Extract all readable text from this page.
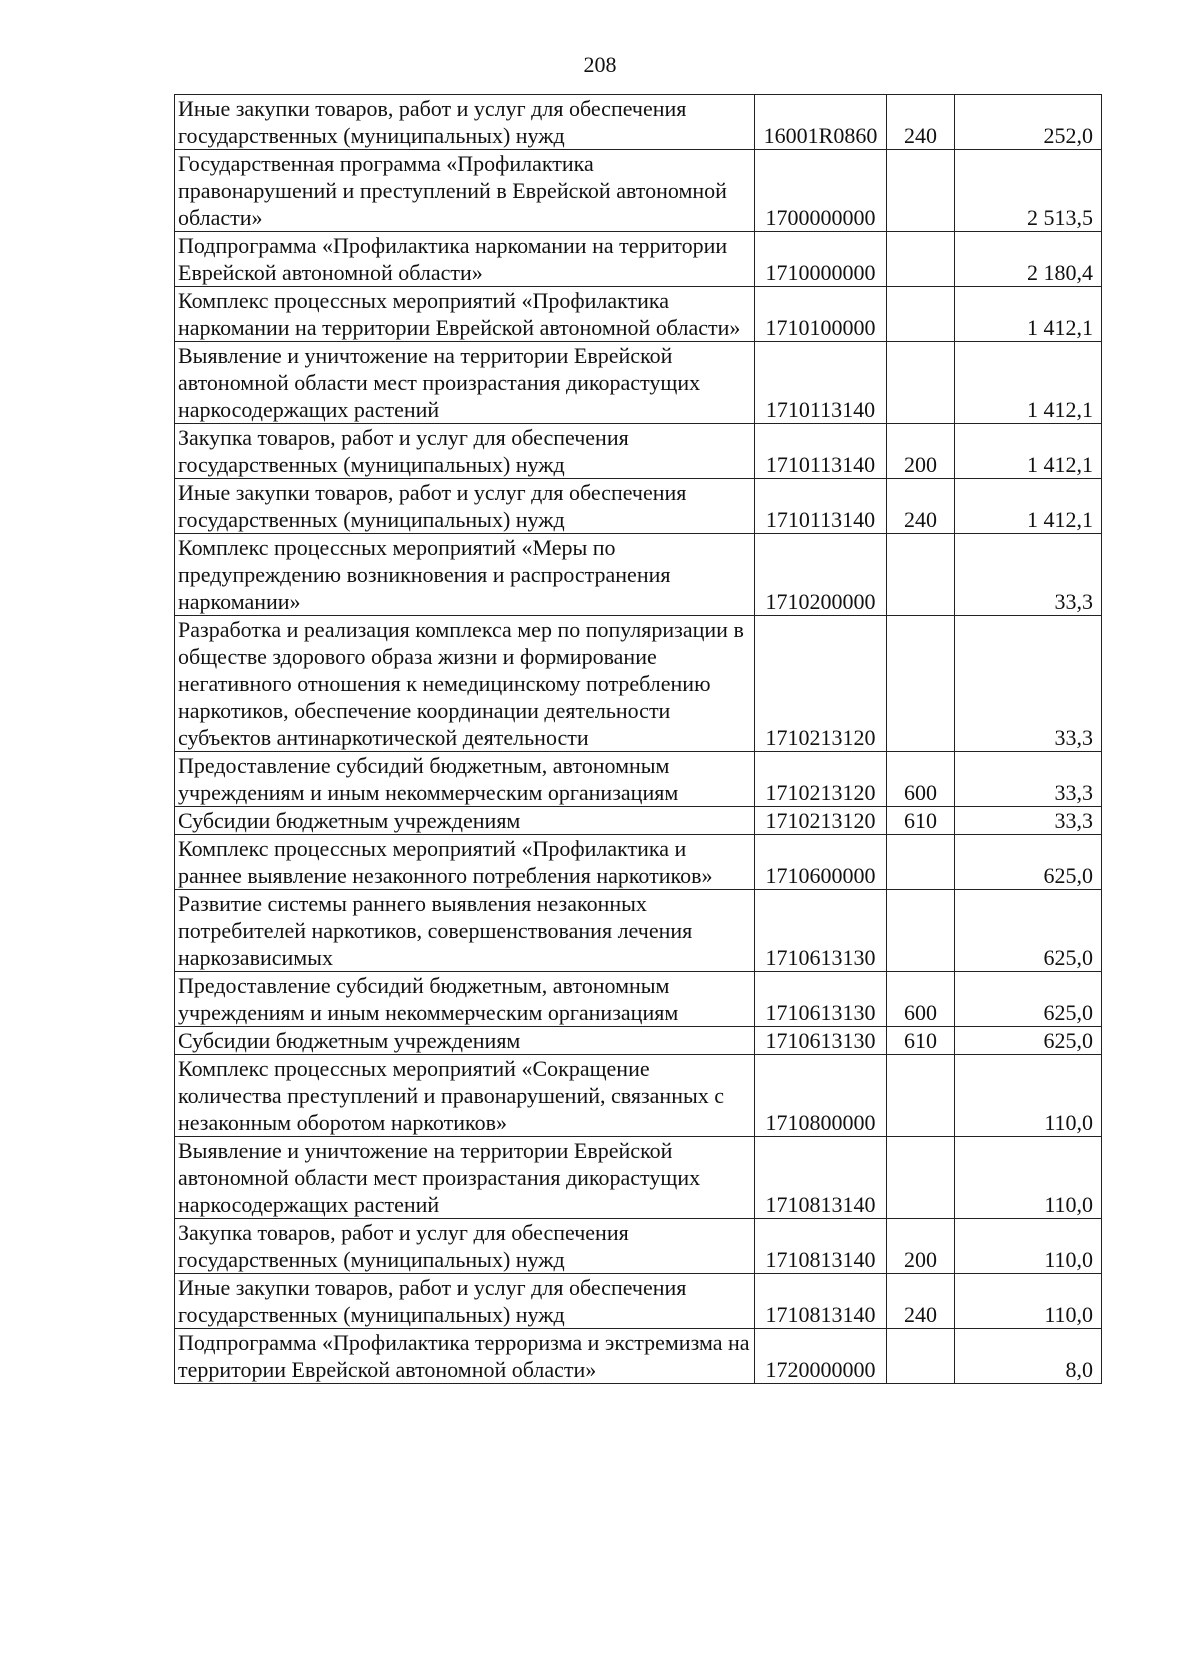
208
Иные закупки товаров, работ и услуг для обеспечения государственных (муниципальных) нужд	16001R0860	240	252,0
Государственная программа «Профилактика правонарушений и преступлений в Еврейской автономной области»	1700000000		2 513,5
Подпрограмма «Профилактика наркомании на территории Еврейской автономной области»	1710000000		2 180,4
Комплекс процессных мероприятий «Профилактика наркомании на территории Еврейской автономной области»	1710100000		1 412,1
Выявление и уничтожение на территории Еврейской автономной области мест произрастания дикорастущих наркосодержащих растений	1710113140		1 412,1
Закупка товаров, работ и услуг для обеспечения государственных (муниципальных) нужд	1710113140	200	1 412,1
Иные закупки товаров, работ и услуг для обеспечения государственных (муниципальных) нужд	1710113140	240	1 412,1
Комплекс процессных мероприятий «Меры по предупреждению возникновения и распространения наркомании»	1710200000		33,3
Разработка и реализация комплекса мер по популяризации в обществе здорового образа жизни и формирование негативного отношения к немедицинскому потреблению наркотиков, обеспечение координации деятельности субъектов антинаркотической деятельности	1710213120		33,3
Предоставление субсидий бюджетным, автономным учреждениям и иным некоммерческим организациям	1710213120	600	33,3
Субсидии бюджетным учреждениям	1710213120	610	33,3
Комплекс процессных мероприятий «Профилактика и раннее выявление незаконного потребления наркотиков»	1710600000		625,0
Развитие системы раннего выявления незаконных потребителей наркотиков, совершенствования лечения наркозависимых	1710613130		625,0
Предоставление субсидий бюджетным, автономным учреждениям и иным некоммерческим организациям	1710613130	600	625,0
Субсидии бюджетным учреждениям	1710613130	610	625,0
Комплекс процессных мероприятий «Сокращение количества преступлений и правонарушений, связанных с незаконным оборотом наркотиков»	1710800000		110,0
Выявление и уничтожение на территории Еврейской автономной области мест произрастания дикорастущих наркосодержащих растений	1710813140		110,0
Закупка товаров, работ и услуг для обеспечения государственных (муниципальных) нужд	1710813140	200	110,0
Иные закупки товаров, работ и услуг для обеспечения государственных (муниципальных) нужд	1710813140	240	110,0
Подпрограмма «Профилактика терроризма и экстремизма на территории Еврейской автономной области»	1720000000		8,0
